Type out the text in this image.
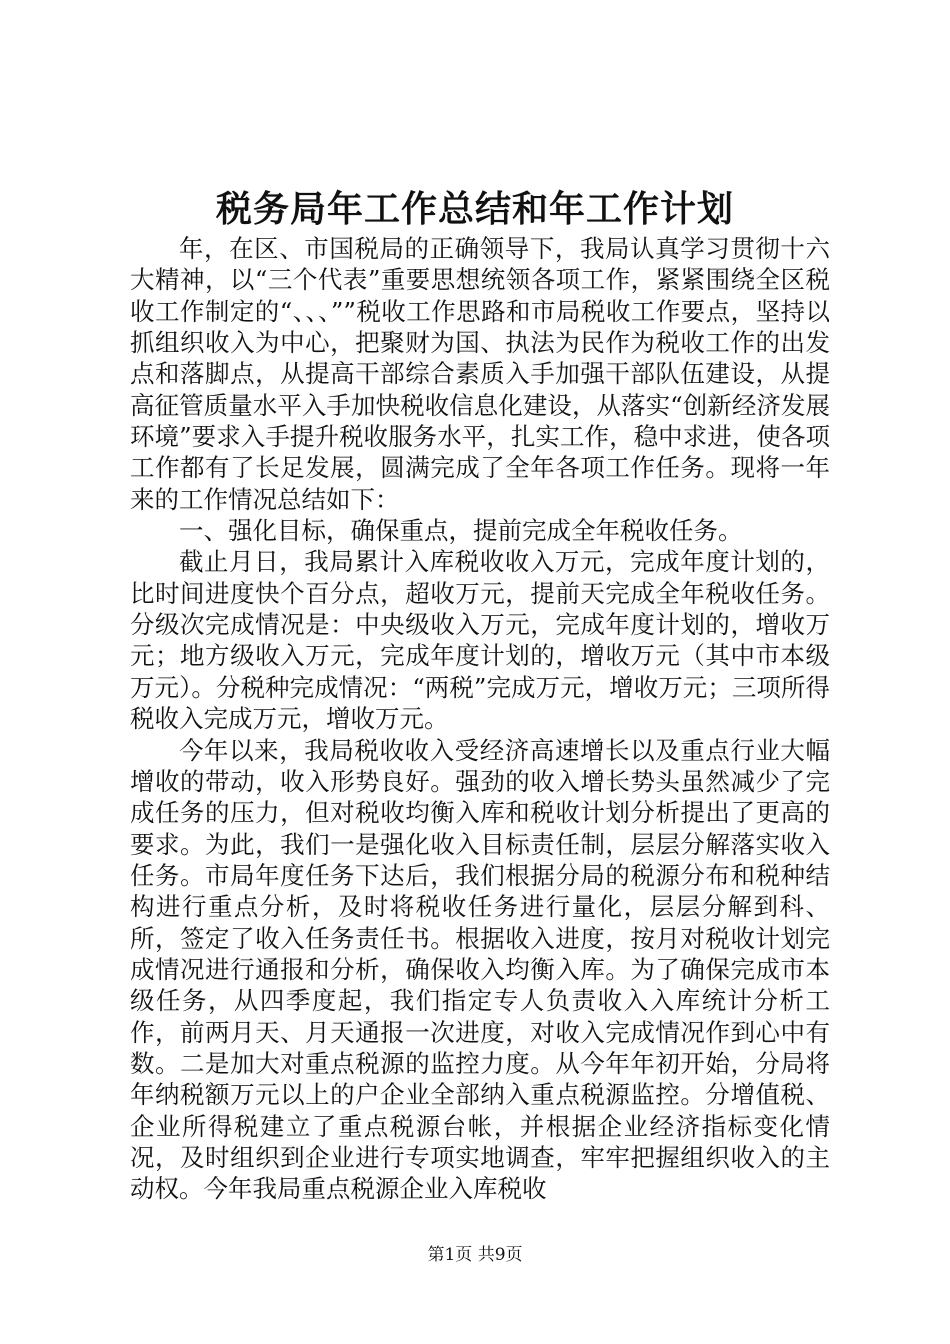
税务局年工作总结和年工作计划

年，在区、市国税局的正确领导下，我局认真学习贯彻十六大精神，以“三个代表”重要思想统领各项工作，紧紧围绕全区税收工作制定的“、、、””税收工作思路和市局税收工作要点，坚持以抓组织收入为中心，把聚财为国、执法为民作为税收工作的出发点和落脚点，从提高干部综合素质入手加强干部队伍建设，从提高征管质量水平入手加快税收信息化建设，从落实“创新经济发展环境”要求入手提升税收服务水平，扎实工作，稳中求进，使各项工作都有了长足发展，圆满完成了全年各项工作任务。现将一年来的工作情况总结如下：

一、强化目标，确保重点，提前完成全年税收任务。

截止月日，我局累计入库税收收入万元，完成年度计划的，比时间进度快个百分点，超收万元，提前天完成全年税收任务。分级次完成情况是：中央级收入万元，完成年度计划的，增收万元；地方级收入万元，完成年度计划的，增收万元（其中市本级万元）。分税种完成情况：“两税”完成万元，增收万元；三项所得税收入完成万元，增收万元。

今年以来，我局税收收入受经济高速增长以及重点行业大幅增收的带动，收入形势良好。强劲的收入增长势头虽然减少了完成任务的压力，但对税收均衡入库和税收计划分析提出了更高的要求。为此，我们一是强化收入目标责任制，层层分解落实收入任务。市局年度任务下达后，我们根据分局的税源分布和税种结构进行重点分析，及时将税收任务进行量化，层层分解到科、所，签定了收入任务责任书。根据收入进度，按月对税收计划完成情况进行通报和分析，确保收入均衡入库。为了确保完成市本级任务，从四季度起，我们指定专人负责收入入库统计分析工作，前两月天、月天通报一次进度，对收入完成情况作到心中有数。二是加大对重点税源的监控力度。从今年年初开始，分局将年纳税额万元以上的户企业全部纳入重点税源监控。分增值税、企业所得税建立了重点税源台帐，并根据企业经济指标变化情况，及时组织到企业进行专项实地调查，牢牢把握组织收入的主动权。今年我局重点税源企业入库税收

第1页 共9页
